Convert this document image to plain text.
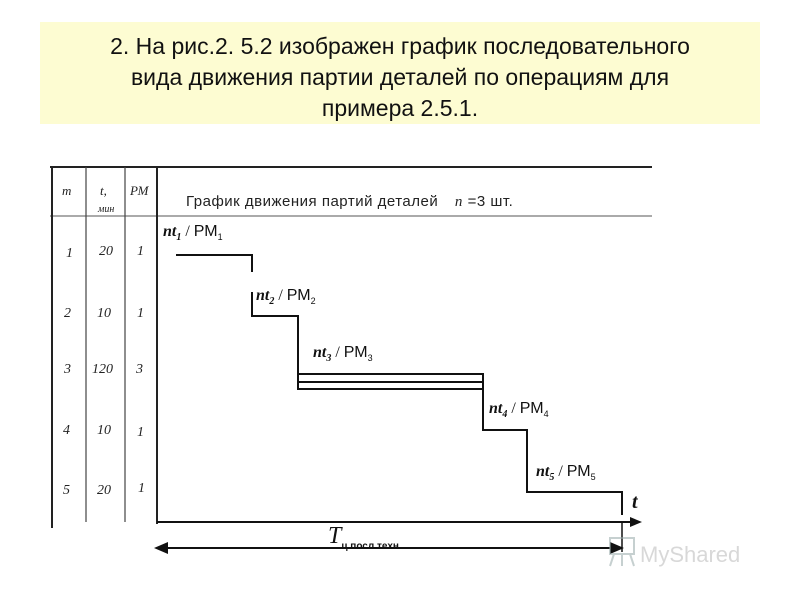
2. На рис.2. 5.2 изображен график последовательного
вида движения партии деталей по операциям для
примера 2.5.1.

m t,
мин
РМ
1 20 1
2 10 1
3 120 3
4 10 1
5 20 1
График движения партий деталей n =3 шт.
$nt_1 / РМ_1$
$nt_2 / РМ_2$
$nt_3 / РМ_3$
$nt_4 / РМ_4$
$nt_5 / РМ_5$
t
$T_{ц.посл.техн}$	MyShared
